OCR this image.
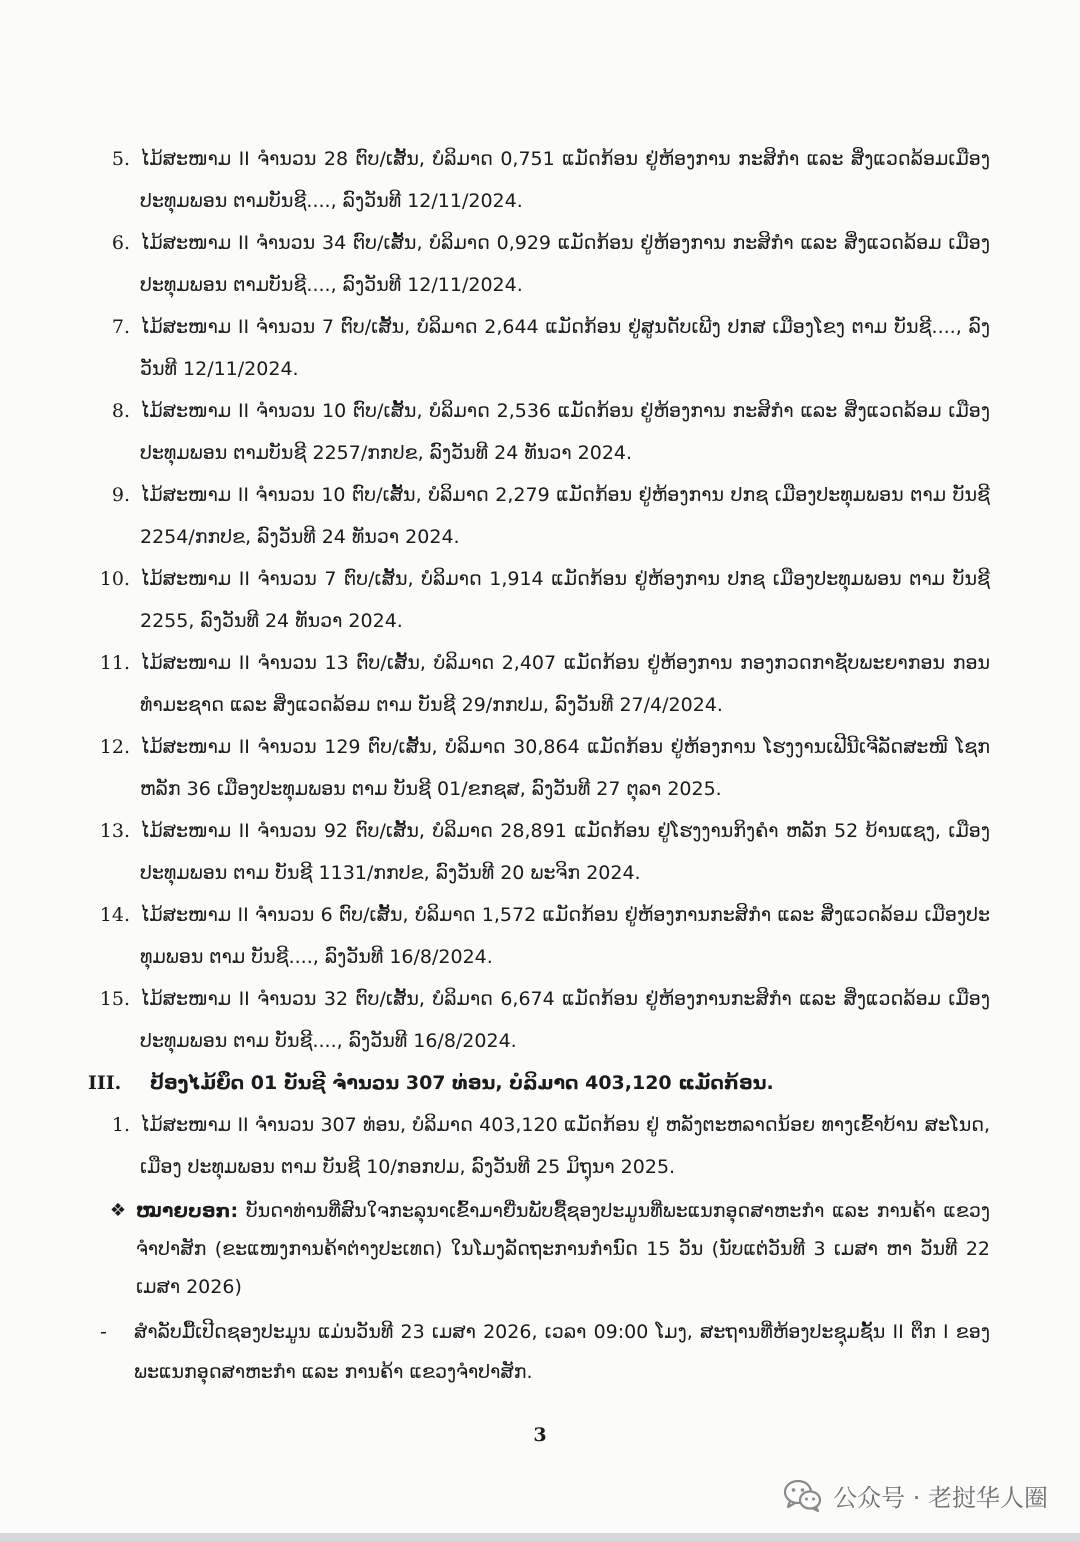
5. ໄມ້ສະໜາມ II ຈຳນວນ 28 ຕົບ/ເສັ້ນ, ບໍລິມາດ 0,751 ແມັດກ້ອນ ຢູ່ຫ້ອງການ ກະສິກຳ ແລະ ສິ່ງແວດລ້ອມເມືອງປະທຸມພອນ ຕາມບັນຊີ...., ລົງວັນທີ 12/11/2024.
6. ໄມ້ສະໜາມ II ຈຳນວນ 34 ຕົບ/ເສັ້ນ, ບໍລິມາດ 0,929 ແມັດກ້ອນ ຢູ່ຫ້ອງການ ກະສິກຳ ແລະ ສິ່ງແວດລ້ອມ ເມືອງປະທຸມພອນ ຕາມບັນຊີ...., ລົງວັນທີ 12/11/2024.
7. ໄມ້ສະໜາມ II ຈຳນວນ 7 ຕົບ/ເສັ້ນ, ບໍລິມາດ 2,644 ແມັດກ້ອນ ຢູ່ສູນດັບເພີງ ປກສ ເມືອງໂຂງ ຕາມ ບັນຊີ...., ລົງວັນທີ 12/11/2024.
8. ໄມ້ສະໜາມ II ຈຳນວນ 10 ຕົບ/ເສັ້ນ, ບໍລິມາດ 2,536 ແມັດກ້ອນ ຢູ່ຫ້ອງການ ກະສິກຳ ແລະ ສິ່ງແວດລ້ອມ ເມືອງປະທຸມພອນ ຕາມບັນຊີ 2257/ກກປຂ, ລົງວັນທີ 24 ທັນວາ 2024.
9. ໄມ້ສະໜາມ II ຈຳນວນ 10 ຕົບ/ເສັ້ນ, ບໍລິມາດ 2,279 ແມັດກ້ອນ ຢູ່ຫ້ອງການ ປກຊ ເມືອງປະທຸມພອນ ຕາມ ບັນຊີ 2254/ກກປຂ, ລົງວັນທີ 24 ທັນວາ 2024.
10. ໄມ້ສະໜາມ II ຈຳນວນ 7 ຕົບ/ເສັ້ນ, ບໍລິມາດ 1,914 ແມັດກ້ອນ ຢູ່ຫ້ອງການ ປກຊ ເມືອງປະທຸມພອນ ຕາມ ບັນຊີ 2255, ລົງວັນທີ 24 ທັນວາ 2024.
11. ໄມ້ສະໜາມ II ຈຳນວນ 13 ຕົບ/ເສັ້ນ, ບໍລິມາດ 2,407 ແມັດກ້ອນ ຢູ່ຫ້ອງການ ກອງກວດກາຊັບພະຍາກອນ ກອນທຳມະຊາດ ແລະ ສິ່ງແວດລ້ອມ ຕາມ ບັນຊີ 29/ກກປມ, ລົງວັນທີ 27/4/2024.
12. ໄມ້ສະໜາມ II ຈຳນວນ 129 ຕົບ/ເສັ້ນ, ບໍລິມາດ 30,864 ແມັດກ້ອນ ຢູ່ຫ້ອງການ ໂຮງງານເຟີນີເຈີລັດສະໜີ ໂຊກ ຫລັກ 36 ເມືອງປະທຸມພອນ ຕາມ ບັນຊີ 01/ຂກຊສ, ລົງວັນທີ 27 ຕຸລາ 2025.
13. ໄມ້ສະໜາມ II ຈຳນວນ 92 ຕົບ/ເສັ້ນ, ບໍລິມາດ 28,891 ແມັດກ້ອນ ຢູ່ໂຮງງານກິງຄຳ ຫລັກ 52 ບ້ານແຊງ, ເມືອງປະທຸມພອນ ຕາມ ບັນຊີ 1131/ກກປຂ, ລົງວັນທີ 20 ພະຈິກ 2024.
14. ໄມ້ສະໜາມ II ຈຳນວນ 6 ຕົບ/ເສັ້ນ, ບໍລິມາດ 1,572 ແມັດກ້ອນ ຢູ່ຫ້ອງການກະສິກຳ ແລະ ສິ່ງແວດລ້ອມ ເມືອງປະທຸມພອນ ຕາມ ບັນຊີ...., ລົງວັນທີ 16/8/2024.
15. ໄມ້ສະໜາມ II ຈຳນວນ 32 ຕົບ/ເສັ້ນ, ບໍລິມາດ 6,674 ແມັດກ້ອນ ຢູ່ຫ້ອງການກະສິກຳ ແລະ ສິ່ງແວດລ້ອມ ເມືອງປະທຸມພອນ ຕາມ ບັນຊີ...., ລົງວັນທີ 16/8/2024.
III.	ປ້ອງໄມ້ຍຶດ 01 ບັນຊີ ຈຳນວນ 307 ທ່ອນ, ບໍລິມາດ 403,120 ແມັດກ້ອນ.
1. ໄມ້ສະໜາມ II ຈຳນວນ 307 ທ່ອນ, ບໍລິມາດ 403,120 ແມັດກ້ອນ ຢູ່ ຫລັງຕະຫລາດນ້ອຍ ທາງເຂົ້າບ້ານ ສະໂນດ, ເມືອງ ປະທຸມພອນ ຕາມ ບັນຊີ 10/ກອກປມ, ລົງວັນທີ 25 ມິຖຸນາ 2025.
❖ ໝາຍບອກ: ບັນດາທ່ານທີ່ສົນໃຈກະລຸນາເຂົ້າມາຍື່ນພັບຊື້ຊອງປະມູນທີ່ພະແນກອຸດສາຫະກຳ ແລະ ການຄ້າ ແຂວງຈຳປາສັກ (ຂະແໜງການຄ້າຕ່າງປະເທດ) ໃນໂມງລັດຖະການກຳນົດ 15 ວັນ (ນັບແຕ່ວັນທີ 3 ເມສາ ຫາ ວັນທີ 22 ເມສາ 2026)
-	ສຳລັບມື້ເປີດຊອງປະມູນ ແມ່ນວັນທີ 23 ເມສາ 2026, ເວລາ 09:00 ໂມງ, ສະຖານທີ່ຫ້ອງປະຊຸມຊັ້ນ II ຕຶກ I ຂອງ ພະແນກອຸດສາຫະກຳ ແລະ ການຄ້າ ແຂວງຈຳປາສັກ.
3
公众号 · 老挝华人圈
